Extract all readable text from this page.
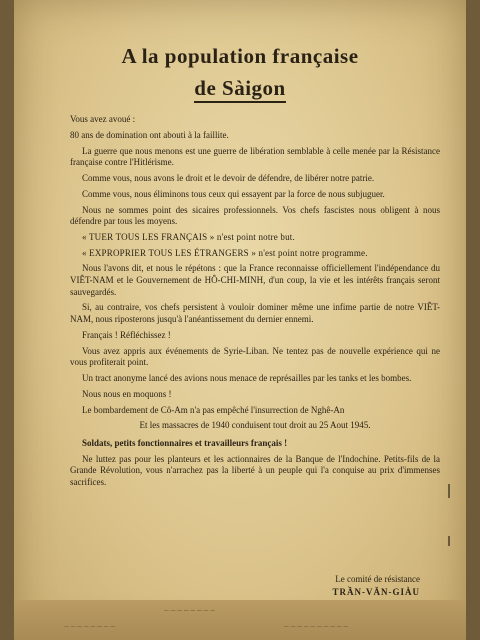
A la population française
de Sàigon

Vous avez avoué :

80 ans de domination ont abouti à la faillite.

La guerre que nous menons est une guerre de libération semblable à celle menée par la Résistance française contre l'Hitlérisme.

Comme vous, nous avons le droit et le devoir de défendre, de libérer notre patrie.

Comme vous, nous éliminons tous ceux qui essayent par la force de nous subjuguer.

Nous ne sommes point des sicaires professionnels. Vos chefs fascistes nous obligent à nous défendre par tous les moyens.

« TUER TOUS LES FRANÇAIS » n'est point notre but.

« EXPROPRIER TOUS LES ÉTRANGERS » n'est point notre programme.

Nous l'avons dit, et nous le répétons : que la France reconnaisse officiellement l'indépendance du VIÊT-NAM et le Gouvernement de HÔ-CHI-MINH, d'un coup, la vie et les intérêts français seront sauvegardés.

Si, au contraire, vos chefs persistent à vouloir dominer même une infime partie de notre VIÊT-NAM, nous riposterons jusqu'à l'anéantissement du dernier ennemi.

Français ! Réfléchissez !

Vous avez appris aux événements de Syrie-Liban. Ne tentez pas de nouvelle expérience qui ne vous profiterait point.

Un tract anonyme lancé des avions nous menace de représailles par les tanks et les bombes.

Nous nous en moquons !

Le bombardement de Cô-Am n'a pas empêché l'insurrection de Nghê-An

Et les massacres de 1940 conduisent tout droit au 25 Aout 1945.

Soldats, petits fonctionnaires et travailleurs français !

Ne luttez pas pour les planteurs et les actionnaires de la Banque de l'Indochine. Petits-fils de la Grande Révolution, vous n'arrachez pas la liberté à un peuple qui l'a conquise au prix d'immenses sacrifices.

Le comité de résistance
TRẦN-VĂN-GIÀU
— — — — — — — —
— — — — — — — —	— — — — — — — — — —
